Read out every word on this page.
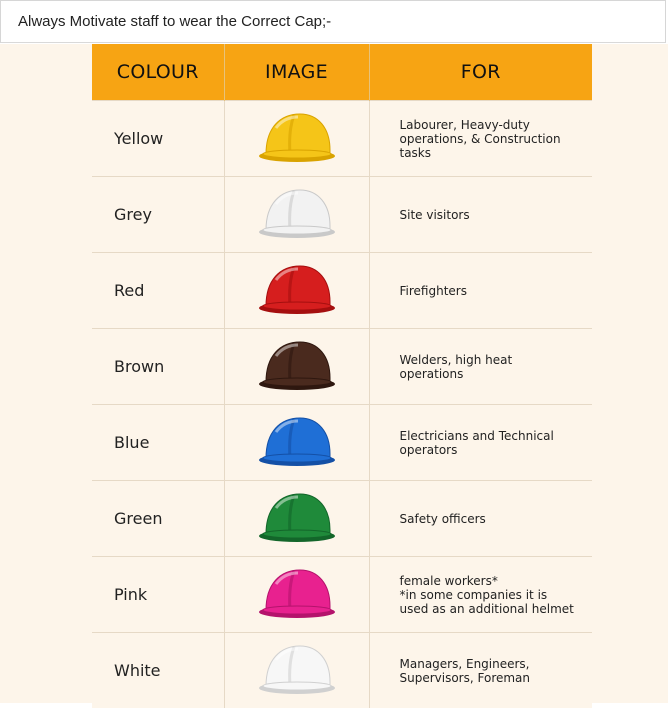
Always Motivate staff to wear the Correct Cap;-
COLOUR	IMAGE	FOR
Yellow		Labourer, Heavy-duty
operations, & Construction
tasks

Grey		Site visitors

Red		Firefighters

Brown		Welders, high heat
operations

Blue		Electricians and Technical
operators

Green		Safety officers

Pink		female workers*
*in some companies it is
used as an additional helmet

White		Managers, Engineers,
Supervisors, Foreman
